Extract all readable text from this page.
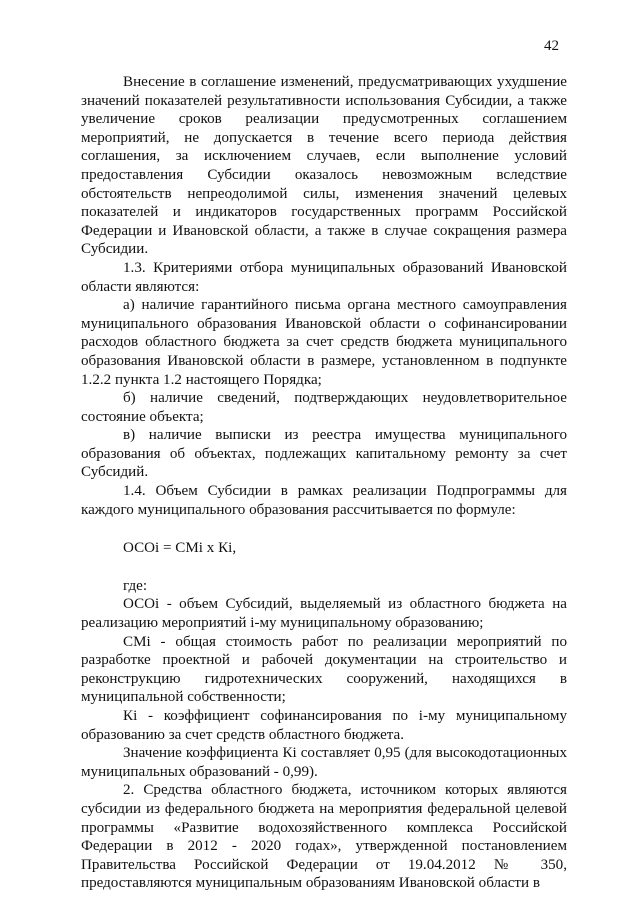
42

Внесение в соглашение изменений, предусматривающих ухудшение значений показателей результативности использования Субсидии, а также увеличение сроков реализации предусмотренных соглашением мероприятий, не допускается в течение всего периода действия соглашения, за исключением случаев, если выполнение условий предоставления Субсидии оказалось невозможным вследствие обстоятельств непреодолимой силы, изменения значений целевых показателей и индикаторов государственных программ Российской Федерации и Ивановской области, а также в случае сокращения размера Субсидии.

1.3. Критериями отбора муниципальных образований Ивановской области являются:

а) наличие гарантийного письма органа местного самоуправления муниципального образования Ивановской области о софинансировании расходов областного бюджета за счет средств бюджета муниципального образования Ивановской области в размере, установленном в подпункте 1.2.2 пункта 1.2 настоящего Порядка;

б) наличие сведений, подтверждающих неудовлетворительное состояние объекта;

в) наличие выписки из реестра имущества муниципального образования об объектах, подлежащих капитальному ремонту за счет Субсидий.

1.4. Объем Субсидии в рамках реализации Подпрограммы для каждого муниципального образования рассчитывается по формуле:

ОСОi = СМi х Кi,

где:

ОСОi - объем Субсидий, выделяемый из областного бюджета на реализацию мероприятий i-му муниципальному образованию;

СМi - общая стоимость работ по реализации мероприятий по разработке проектной и рабочей документации на строительство и реконструкцию гидротехнических сооружений, находящихся в муниципальной собственности;

Кi - коэффициент софинансирования по i-му муниципальному образованию за счет средств областного бюджета.

Значение коэффициента Кi составляет 0,95 (для высокодотационных муниципальных образований - 0,99).

2. Средства областного бюджета, источником которых являются субсидии из федерального бюджета на мероприятия федеральной целевой программы «Развитие водохозяйственного комплекса Российской Федерации в 2012 - 2020 годах», утвержденной постановлением Правительства Российской Федерации от 19.04.2012 № 350, предоставляются муниципальным образованиям Ивановской области в
